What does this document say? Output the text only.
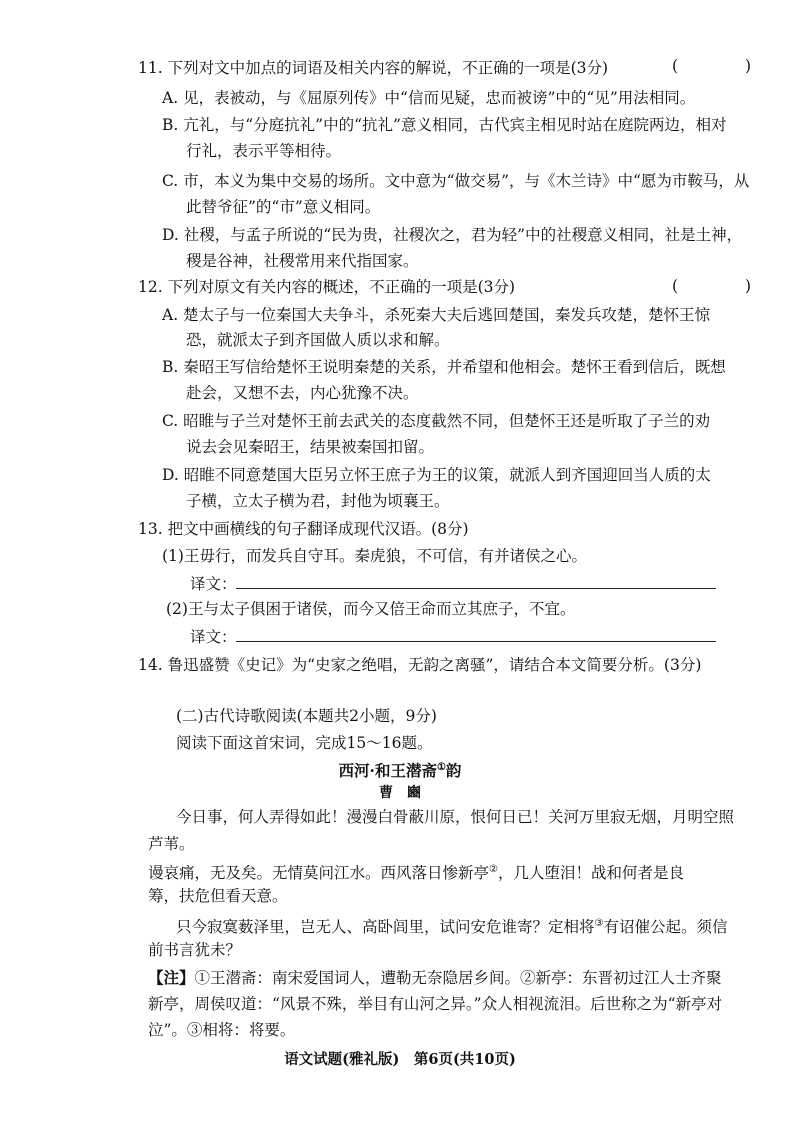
11. 下列对文中加点的词语及相关内容的解说，不正确的一项是(3分)	(　　)
A. 见，表被动，与《屈原列传》中“信而见疑，忠而被谤”中的“见”用法相同。
B. 亢礼，与“分庭抗礼”中的“抗礼”意义相同，古代宾主相见时站在庭院两边，相对
行礼，表示平等相待。
C. 市，本义为集中交易的场所。文中意为“做交易”，与《木兰诗》中“愿为市鞍马，从
此替爷征”的“市”意义相同。
D. 社稷，与孟子所说的“民为贵，社稷次之，君为轻”中的社稷意义相同，社是土神，
稷是谷神，社稷常用来代指国家。
12. 下列对原文有关内容的概述，不正确的一项是(3分)	(　　)
A. 楚太子与一位秦国大夫争斗，杀死秦大夫后逃回楚国，秦发兵攻楚，楚怀王惊
恐，就派太子到齐国做人质以求和解。
B. 秦昭王写信给楚怀王说明秦楚的关系，并希望和他相会。楚怀王看到信后，既想
赴会，又想不去，内心犹豫不决。
C. 昭睢与子兰对楚怀王前去武关的态度截然不同，但楚怀王还是听取了子兰的劝
说去会见秦昭王，结果被秦国扣留。
D. 昭睢不同意楚国大臣另立怀王庶子为王的议策，就派人到齐国迎回当人质的太
子横，立太子横为君，封他为顷襄王。
13. 把文中画横线的句子翻译成现代汉语。(8分)
(1)王毋行，而发兵自守耳。秦虎狼，不可信，有并诸侯之心。
译文：
(2)王与太子俱困于诸侯，而今又倍王命而立其庶子，不宜。
译文：
14. 鲁迅盛赞《史记》为“史家之绝唱，无韵之离骚”，请结合本文简要分析。(3分)
(二)古代诗歌阅读(本题共2小题，9分)
阅读下面这首宋词，完成15～16题。
西河·和王潜斋①韵
曹　豳
今日事，何人弄得如此！漫漫白骨蔽川原，恨何日已！关河万里寂无烟，月明空照
芦苇。
谩哀痛，无及矣。无情莫问江水。西风落日惨新亭②，几人堕泪！战和何者是良
筹，扶危但看天意。
只今寂寞薮泽里，岂无人、高卧闾里，试问安危谁寄？定相将③有诏催公起。须信
前书言犹未？
【注】①王潜斋：南宋爱国词人，遭勒无奈隐居乡间。②新亭：东晋初过江人士齐聚
新亭，周侯叹道：“风景不殊，举目有山河之异。”众人相视流泪。后世称之为“新亭对
泣”。③相将：将要。
语文试题(雅礼版)　第6页(共10页)
